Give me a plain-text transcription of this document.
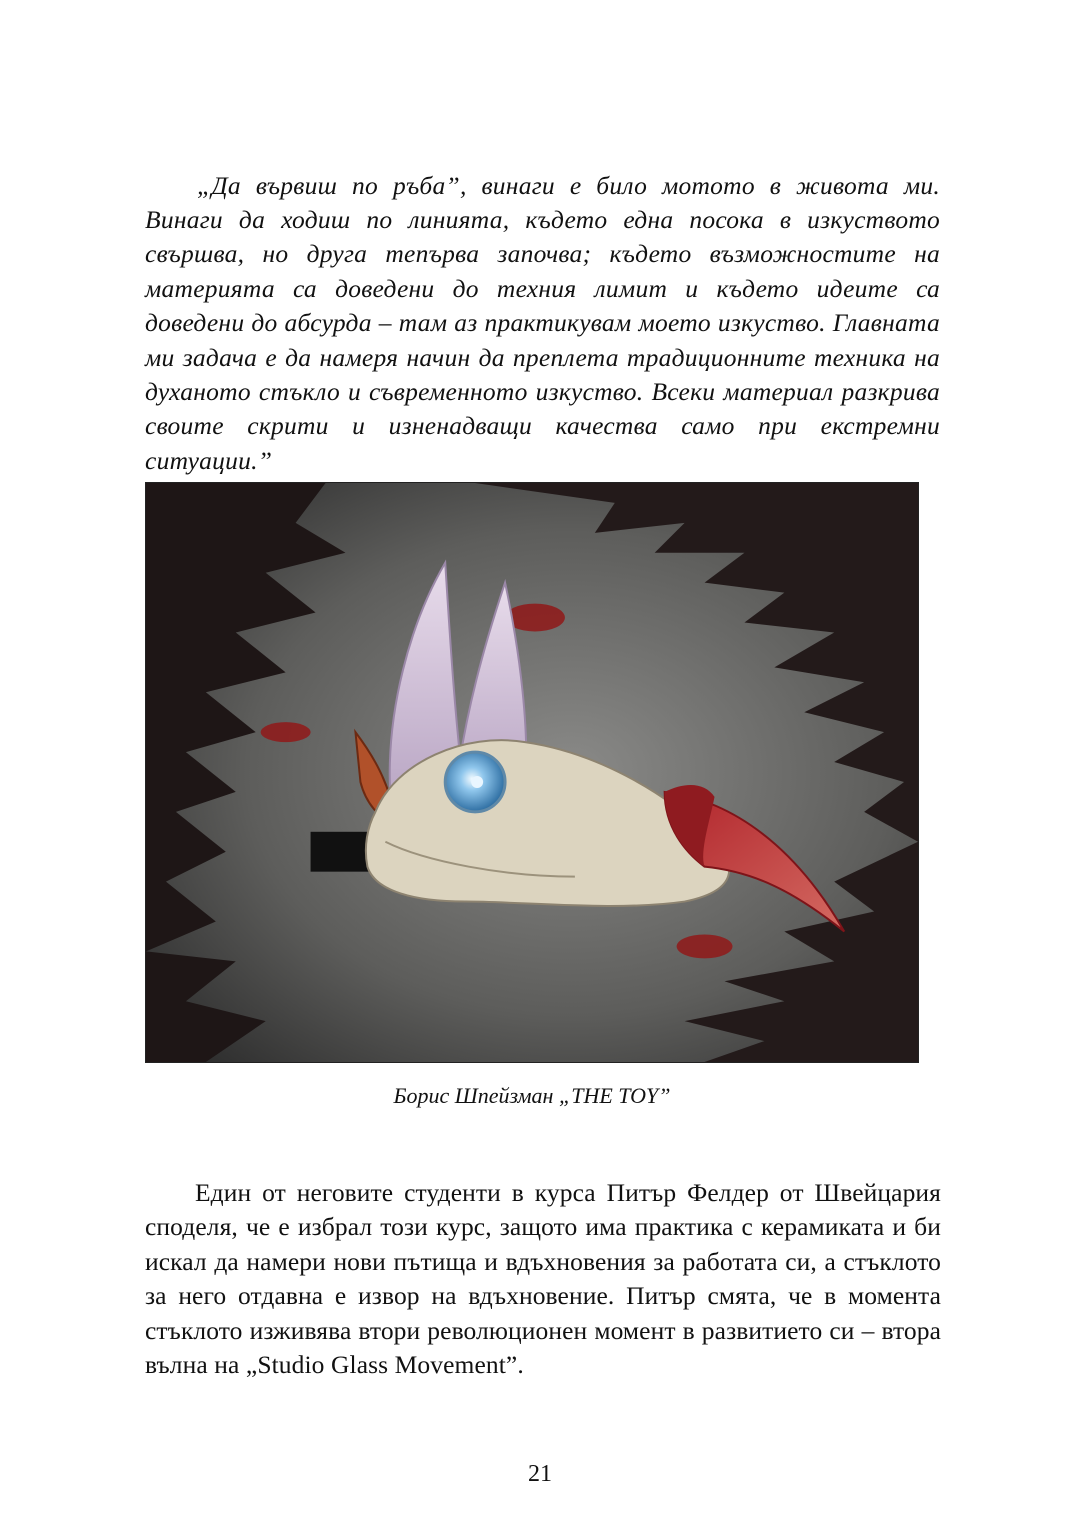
„Да вървиш по ръба”, винаги е било мотото в живота ми. Винаги да ходиш по линията, където една посока в изкуството свършва, но друга тепърва започва; където възможностите на материята са доведени до техния лимит и където идеите са доведени до абсурда – там аз практикувам моето изкуство. Главната ми задача е да намеря начин да преплета традиционните техника на духаното стъкло и съвременното изкуство. Всеки материал разкрива своите скрити и изненадващи качества само при екстремни ситуации.”

Борис Шпейзман „THE TOY”

Един от неговите студенти в курса Питър Фелдер от Швейцария споделя, че е избрал този курс, защото има практика с керамиката и би искал да намери нови пътища и вдъхновения за работата си, а стъклото за него отдавна е извор на вдъхновение. Питър смята, че в момента стъклото изживява втори революционен момент в развитието си – втора вълна на „Studio Glass Movement”.

21
